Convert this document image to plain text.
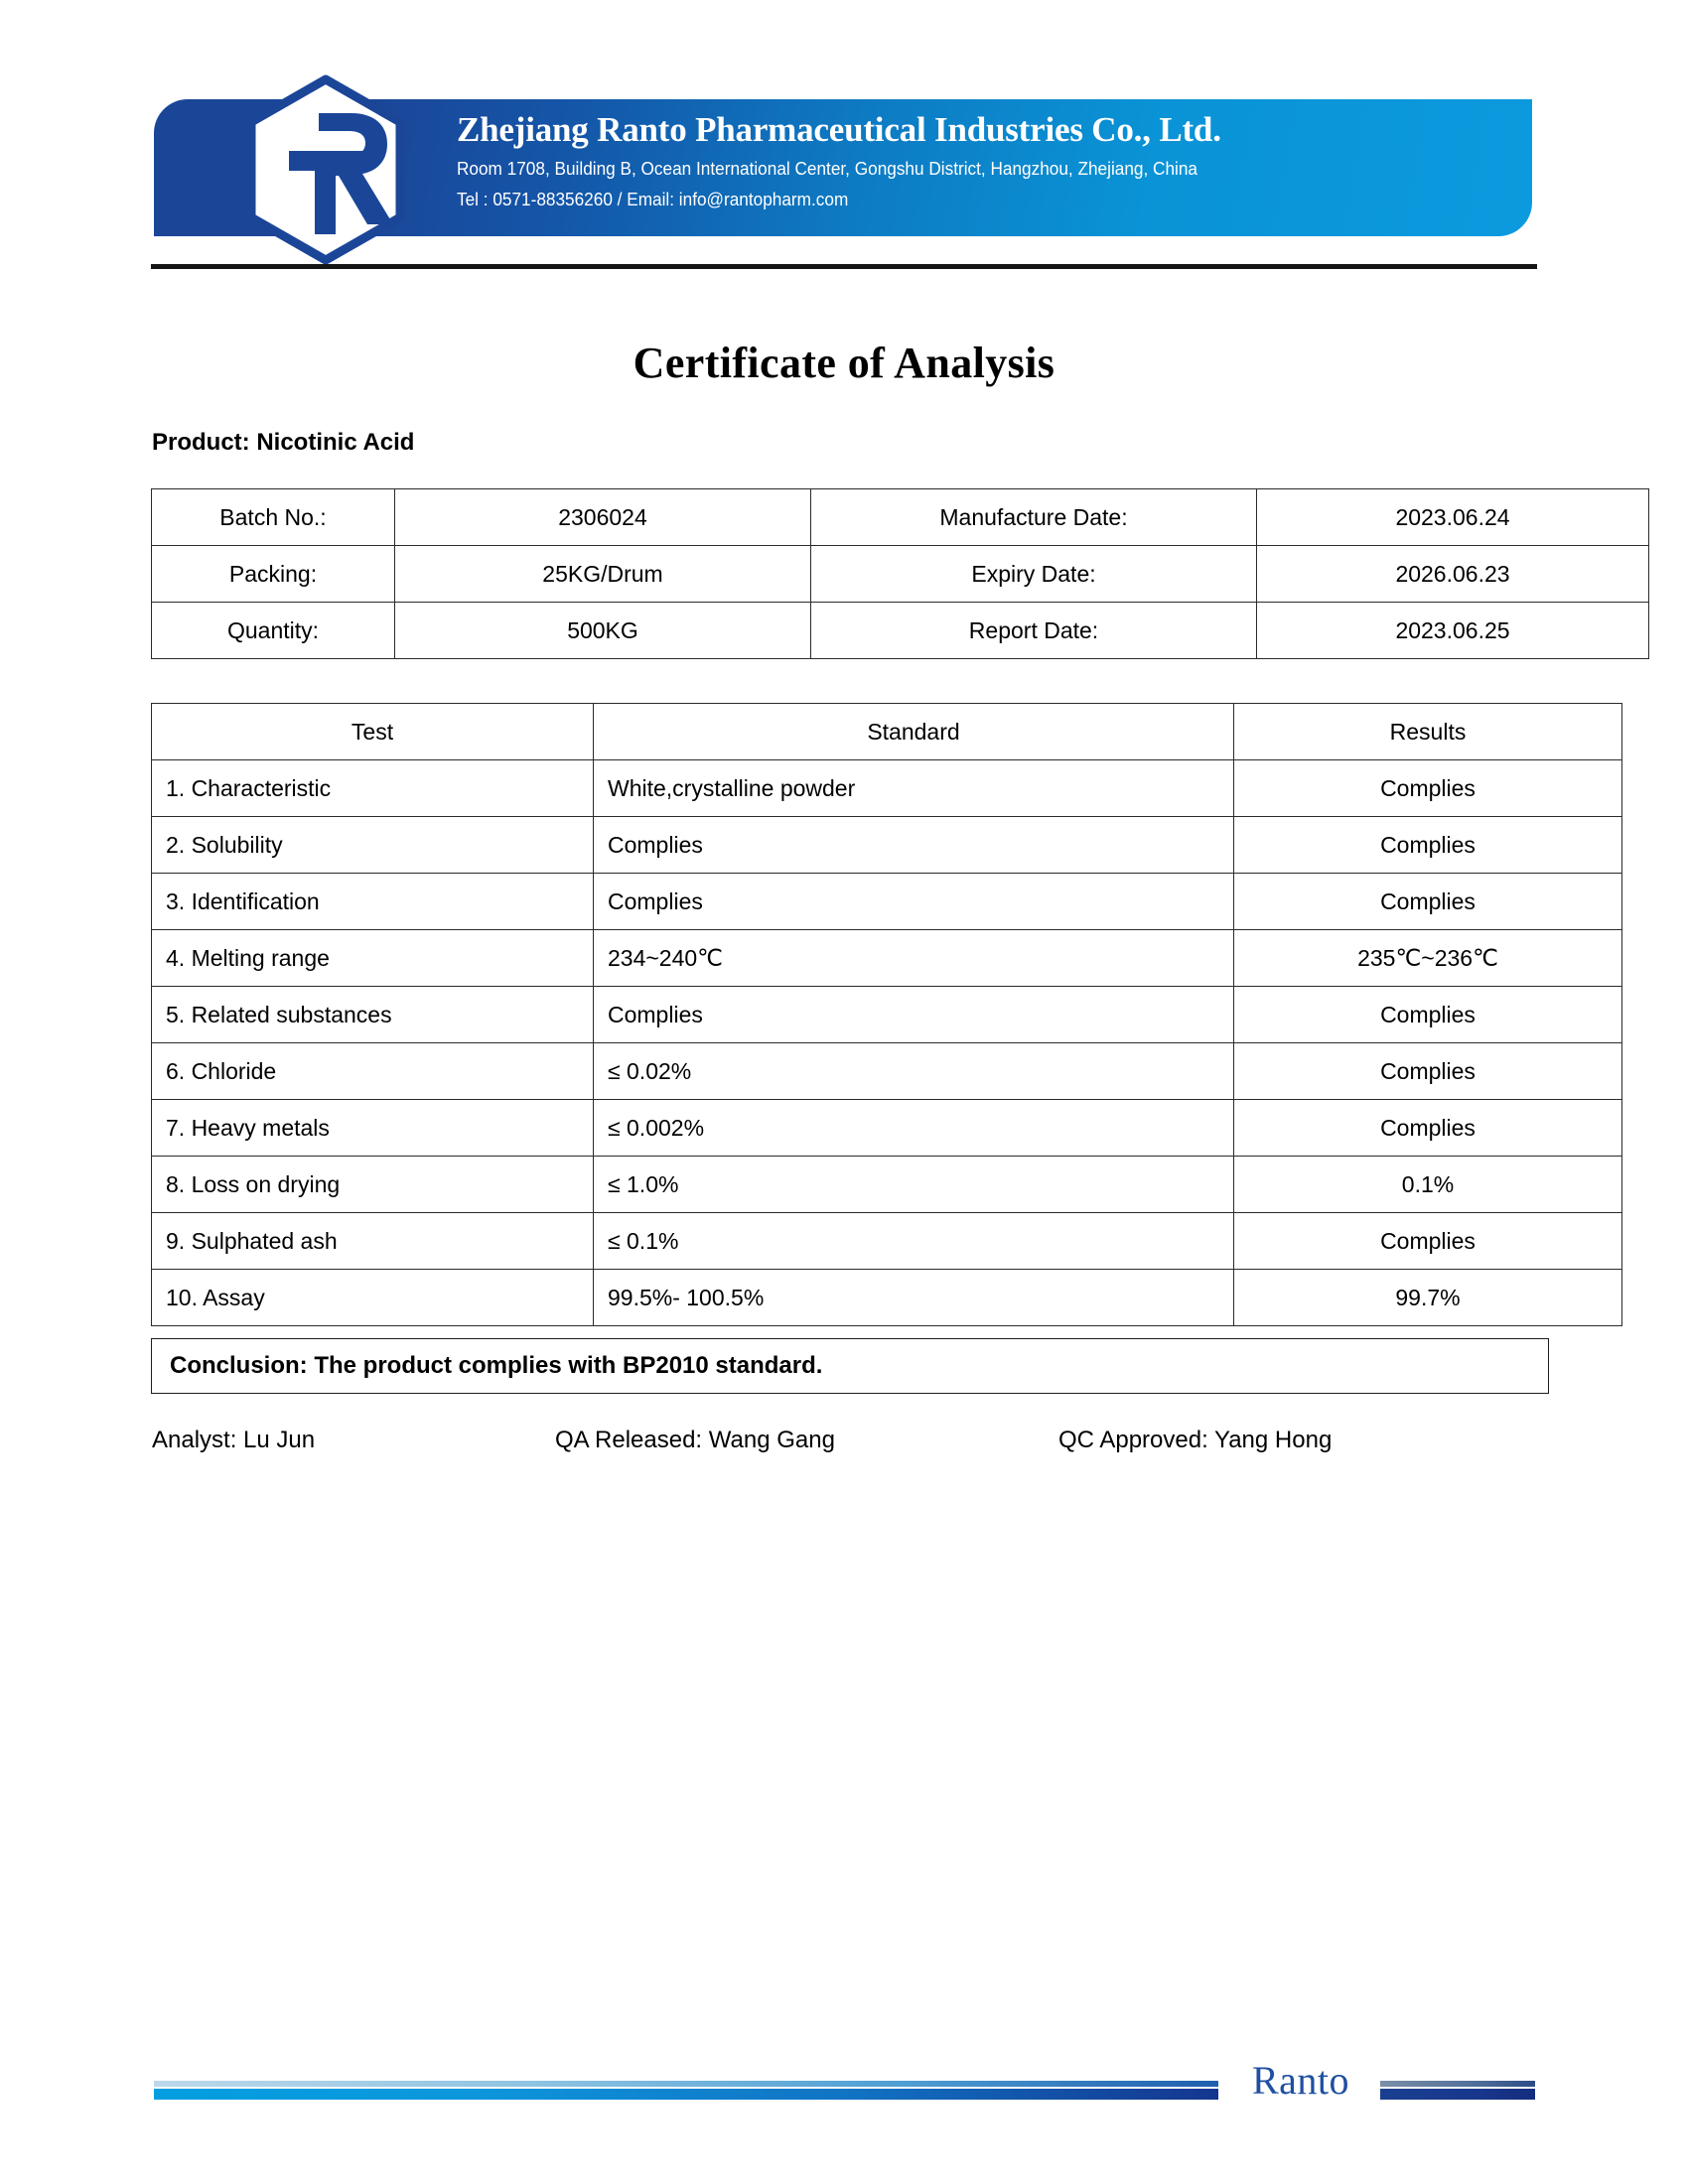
Zhejiang Ranto Pharmaceutical Industries Co., Ltd.
Room 1708, Building B, Ocean International Center, Gongshu District, Hangzhou, Zhejiang, China
Tel : 0571-88356260 / Email: info@rantopharm.com
Certificate of Analysis
Product: Nicotinic Acid
Batch No.:	2306024	Manufacture Date:	2023.06.24
Packing:	25KG/Drum	Expiry Date:	2026.06.23
Quantity:	500KG	Report Date:	2023.06.25
Test	Standard	Results
1. Characteristic	White,crystalline powder	Complies
2. Solubility	Complies	Complies
3. Identification	Complies	Complies
4. Melting range	234~240℃	235℃~236℃
5. Related substances	Complies	Complies
6. Chloride	≤ 0.02%	Complies
7. Heavy metals	≤ 0.002%	Complies
8. Loss on drying	≤ 1.0%	0.1%
9. Sulphated ash	≤ 0.1%	Complies
10. Assay	99.5%- 100.5%	99.7%
Conclusion: The product complies with BP2010 standard.
Analyst: Lu Jun	QA Released: Wang Gang	QC Approved: Yang Hong
Ranto
